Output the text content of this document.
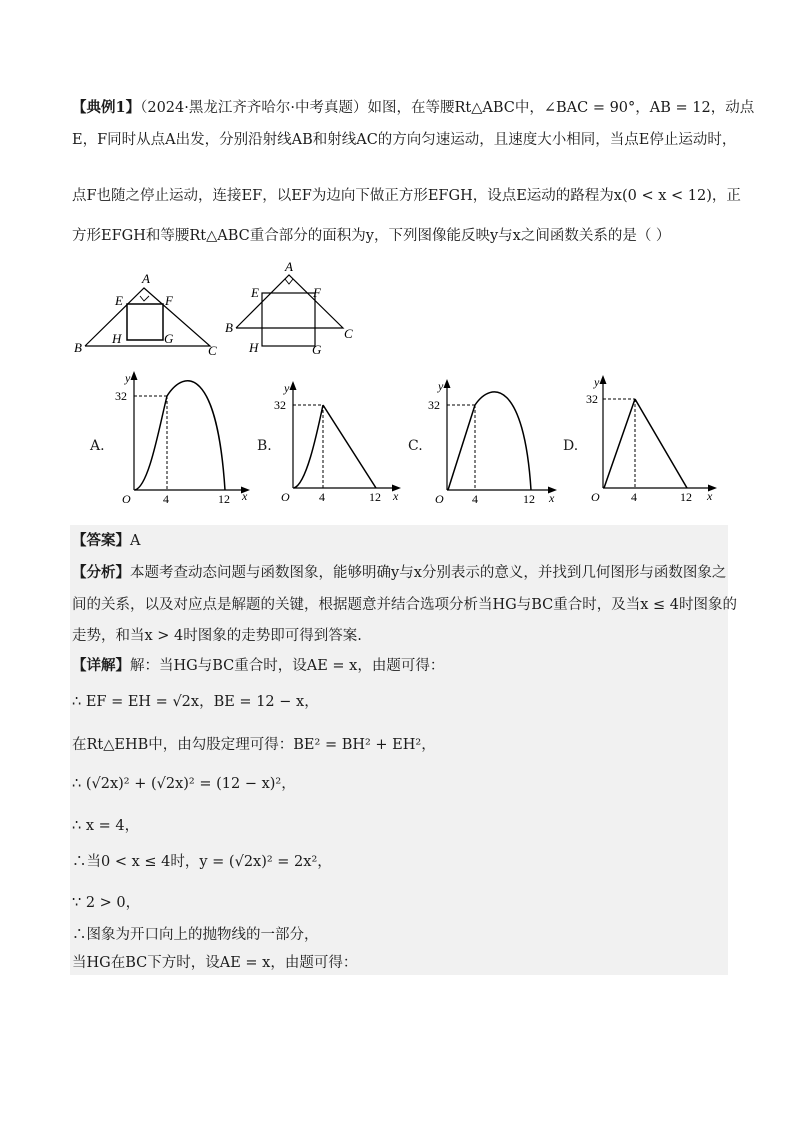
【典例1】（2024·黑龙江齐齐哈尔·中考真题）如图，在等腰Rt△ABC中，∠BAC = 90°，AB = 12，动点
E，F同时从点A出发，分别沿射线AB和射线AC的方向匀速运动，且速度大小相同，当点E停止运动时，
点F也随之停止运动，连接EF，以EF为边向下做正方形EFGH，设点E运动的路程为x(0 < x < 12)，正
方形EFGH和等腰Rt△ABC重合部分的面积为y，下列图像能反映y与x之间函数关系的是（ ）
A
B	C
E	F
H	G
A
B	C
E	F
H	G
A.
y
32
O	4	12 x
B.
y
32
O 4	12 x
C.
y
32
O 4	12 x
D.
y
32
O	4	12 x
【答案】A
【分析】本题考查动态问题与函数图象，能够明确y与x分别表示的意义，并找到几何图形与函数图象之
间的关系，以及对应点是解题的关键，根据题意并结合选项分析当HG与BC重合时，及当x ≤ 4时图象的
走势，和当x > 4时图象的走势即可得到答案.
【详解】解：当HG与BC重合时，设AE = x，由题可得：
∴ EF = EH = √2x，BE = 12 − x，
在Rt△EHB中，由勾股定理可得：BE² = BH² + EH²，
∴ (√2x)² + (√2x)² = (12 − x)²，
∴ x = 4，
∴当0 < x ≤ 4时，y = (√2x)² = 2x²，
∵ 2 > 0，
∴图象为开口向上的抛物线的一部分，
当HG在BC下方时，设AE = x，由题可得：
